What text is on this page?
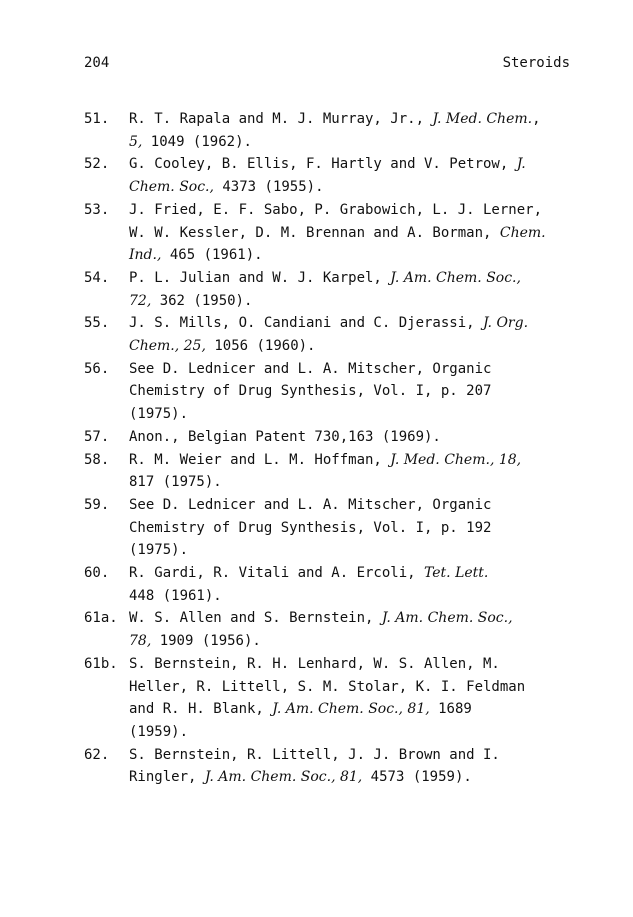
204	Steroids
51. R. T. Rapala and M. J. Murray, Jr., J. Med. Chem.,
5, 1049 (1962).
52. G. Cooley, B. Ellis, F. Hartly and V. Petrow, J.
Chem. Soc., 4373 (1955).
53. J. Fried, E. F. Sabo, P. Grabowich, L. J. Lerner,
W. W. Kessler, D. M. Brennan and A. Borman, Chem.
Ind., 465 (1961).
54. P. L. Julian and W. J. Karpel, J. Am. Chem. Soc.,
72, 362 (1950).
55. J. S. Mills, O. Candiani and C. Djerassi, J. Org.
Chem., 25, 1056 (1960).
56. See D. Lednicer and L. A. Mitscher, Organic
Chemistry of Drug Synthesis, Vol. I, p. 207
(1975).
57. Anon., Belgian Patent 730,163 (1969).
58. R. M. Weier and L. M. Hoffman, J. Med. Chem., 18,
817 (1975).
59. See D. Lednicer and L. A. Mitscher, Organic
Chemistry of Drug Synthesis, Vol. I, p. 192
(1975).
60. R. Gardi, R. Vitali and A. Ercoli, Tet. Lett.
448 (1961).
61a. W. S. Allen and S. Bernstein, J. Am. Chem. Soc.,
78, 1909 (1956).
61b. S. Bernstein, R. H. Lenhard, W. S. Allen, M.
Heller, R. Littell, S. M. Stolar, K. I. Feldman
and R. H. Blank, J. Am. Chem. Soc., 81, 1689
(1959).
62. S. Bernstein, R. Littell, J. J. Brown and I.
Ringler, J. Am. Chem. Soc., 81, 4573 (1959).
